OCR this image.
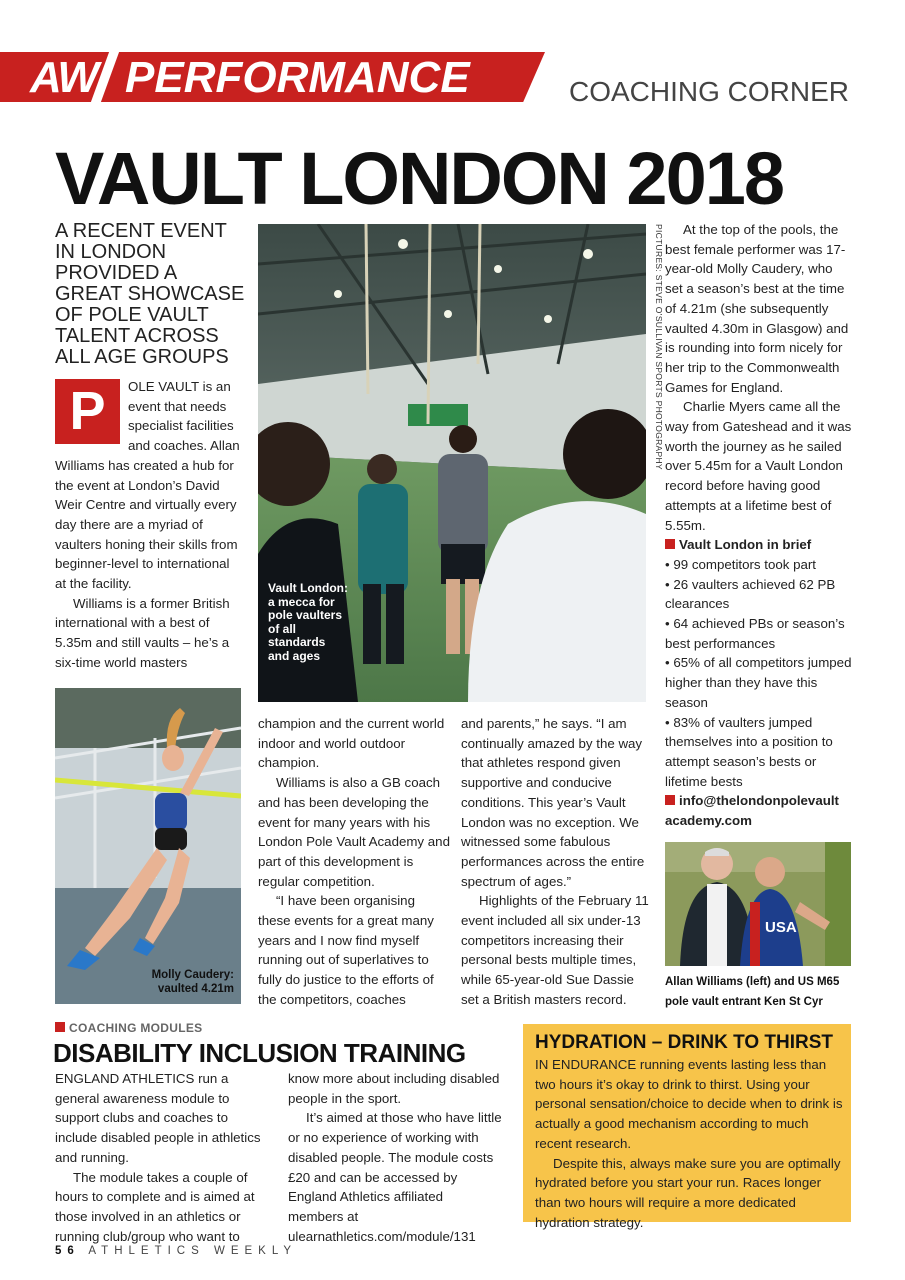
AW PERFORMANCE	COACHING CORNER
VAULT LONDON 2018
A RECENT EVENT IN LONDON PROVIDED A GREAT SHOWCASE OF POLE VAULT TALENT ACROSS ALL AGE GROUPS

P	OLE VAULT is an event that needs specialist facilities and coaches. Allan Williams has created a hub for the event at London’s David Weir Centre and virtually every day there are a myriad of vaulters honing their skills from beginner-level to international at the facility.

Williams is a former British international with a best of 5.35m and still vaults – he’s a six-time world masters

Vault London: a mecca for pole vaulters of all standards and ages
PICTURES: STEVE O’SULLIVAN SPORTS PHOTOGRAPHY
Molly Caudery: vaulted 4.21m

champion and the current world indoor and world outdoor champion.

Williams is also a GB coach and has been developing the event for many years with his London Pole Vault Academy and part of this development is regular competition.

“I have been organising these events for a great many years and I now find myself running out of superlatives to fully do justice to the efforts of the competitors, coaches

and parents,” he says. “I am continually amazed by the way that athletes respond given supportive and conducive conditions. This year’s Vault London was no exception. We witnessed some fabulous performances across the entire spectrum of ages.”

Highlights of the February 11 event included all six under-13 competitors increasing their personal bests multiple times, while 65-year-old Sue Dassie set a British masters record.

At the top of the pools, the best female performer was 17-year-old Molly Caudery, who set a season’s best at the time of 4.21m (she subsequently vaulted 4.30m in Glasgow) and is rounding into form nicely for her trip to the Commonwealth Games for England.

Charlie Myers came all the way from Gateshead and it was worth the journey as he sailed over 5.45m for a Vault London record before having good attempts at a lifetime best of 5.55m.

Vault London in brief

• 99 competitors took part

• 26 vaulters achieved 62 PB clearances

• 64 achieved PBs or season’s best performances

• 65% of all competitors jumped higher than they have this season

• 83% of vaulters jumped themselves into a position to attempt season’s bests or lifetime bests

info@thelondonpolevault academy.com

USA
Allan Williams (left) and US M65 pole vault entrant Ken St Cyr
COACHING MODULES
DISABILITY INCLUSION TRAINING

ENGLAND ATHLETICS run a general awareness module to support clubs and coaches to include disabled people in athletics and running.

The module takes a couple of hours to complete and is aimed at those involved in an athletics or running club/group who want to

know more about including disabled people in the sport.

It’s aimed at those who have little or no experience of working with disabled people. The module costs £20 and can be accessed by England Athletics affiliated members at ulearnathletics.com/module/131

HYDRATION – DRINK TO THIRST

IN ENDURANCE running events lasting less than two hours it’s okay to drink to thirst. Using your personal sensation/choice to decide when to drink is actually a good mechanism according to much recent research.

Despite this, always make sure you are optimally hydrated before you start your run. Races longer than two hours will require a more dedicated hydration strategy.

56 ATHLETICS WEEKLY
